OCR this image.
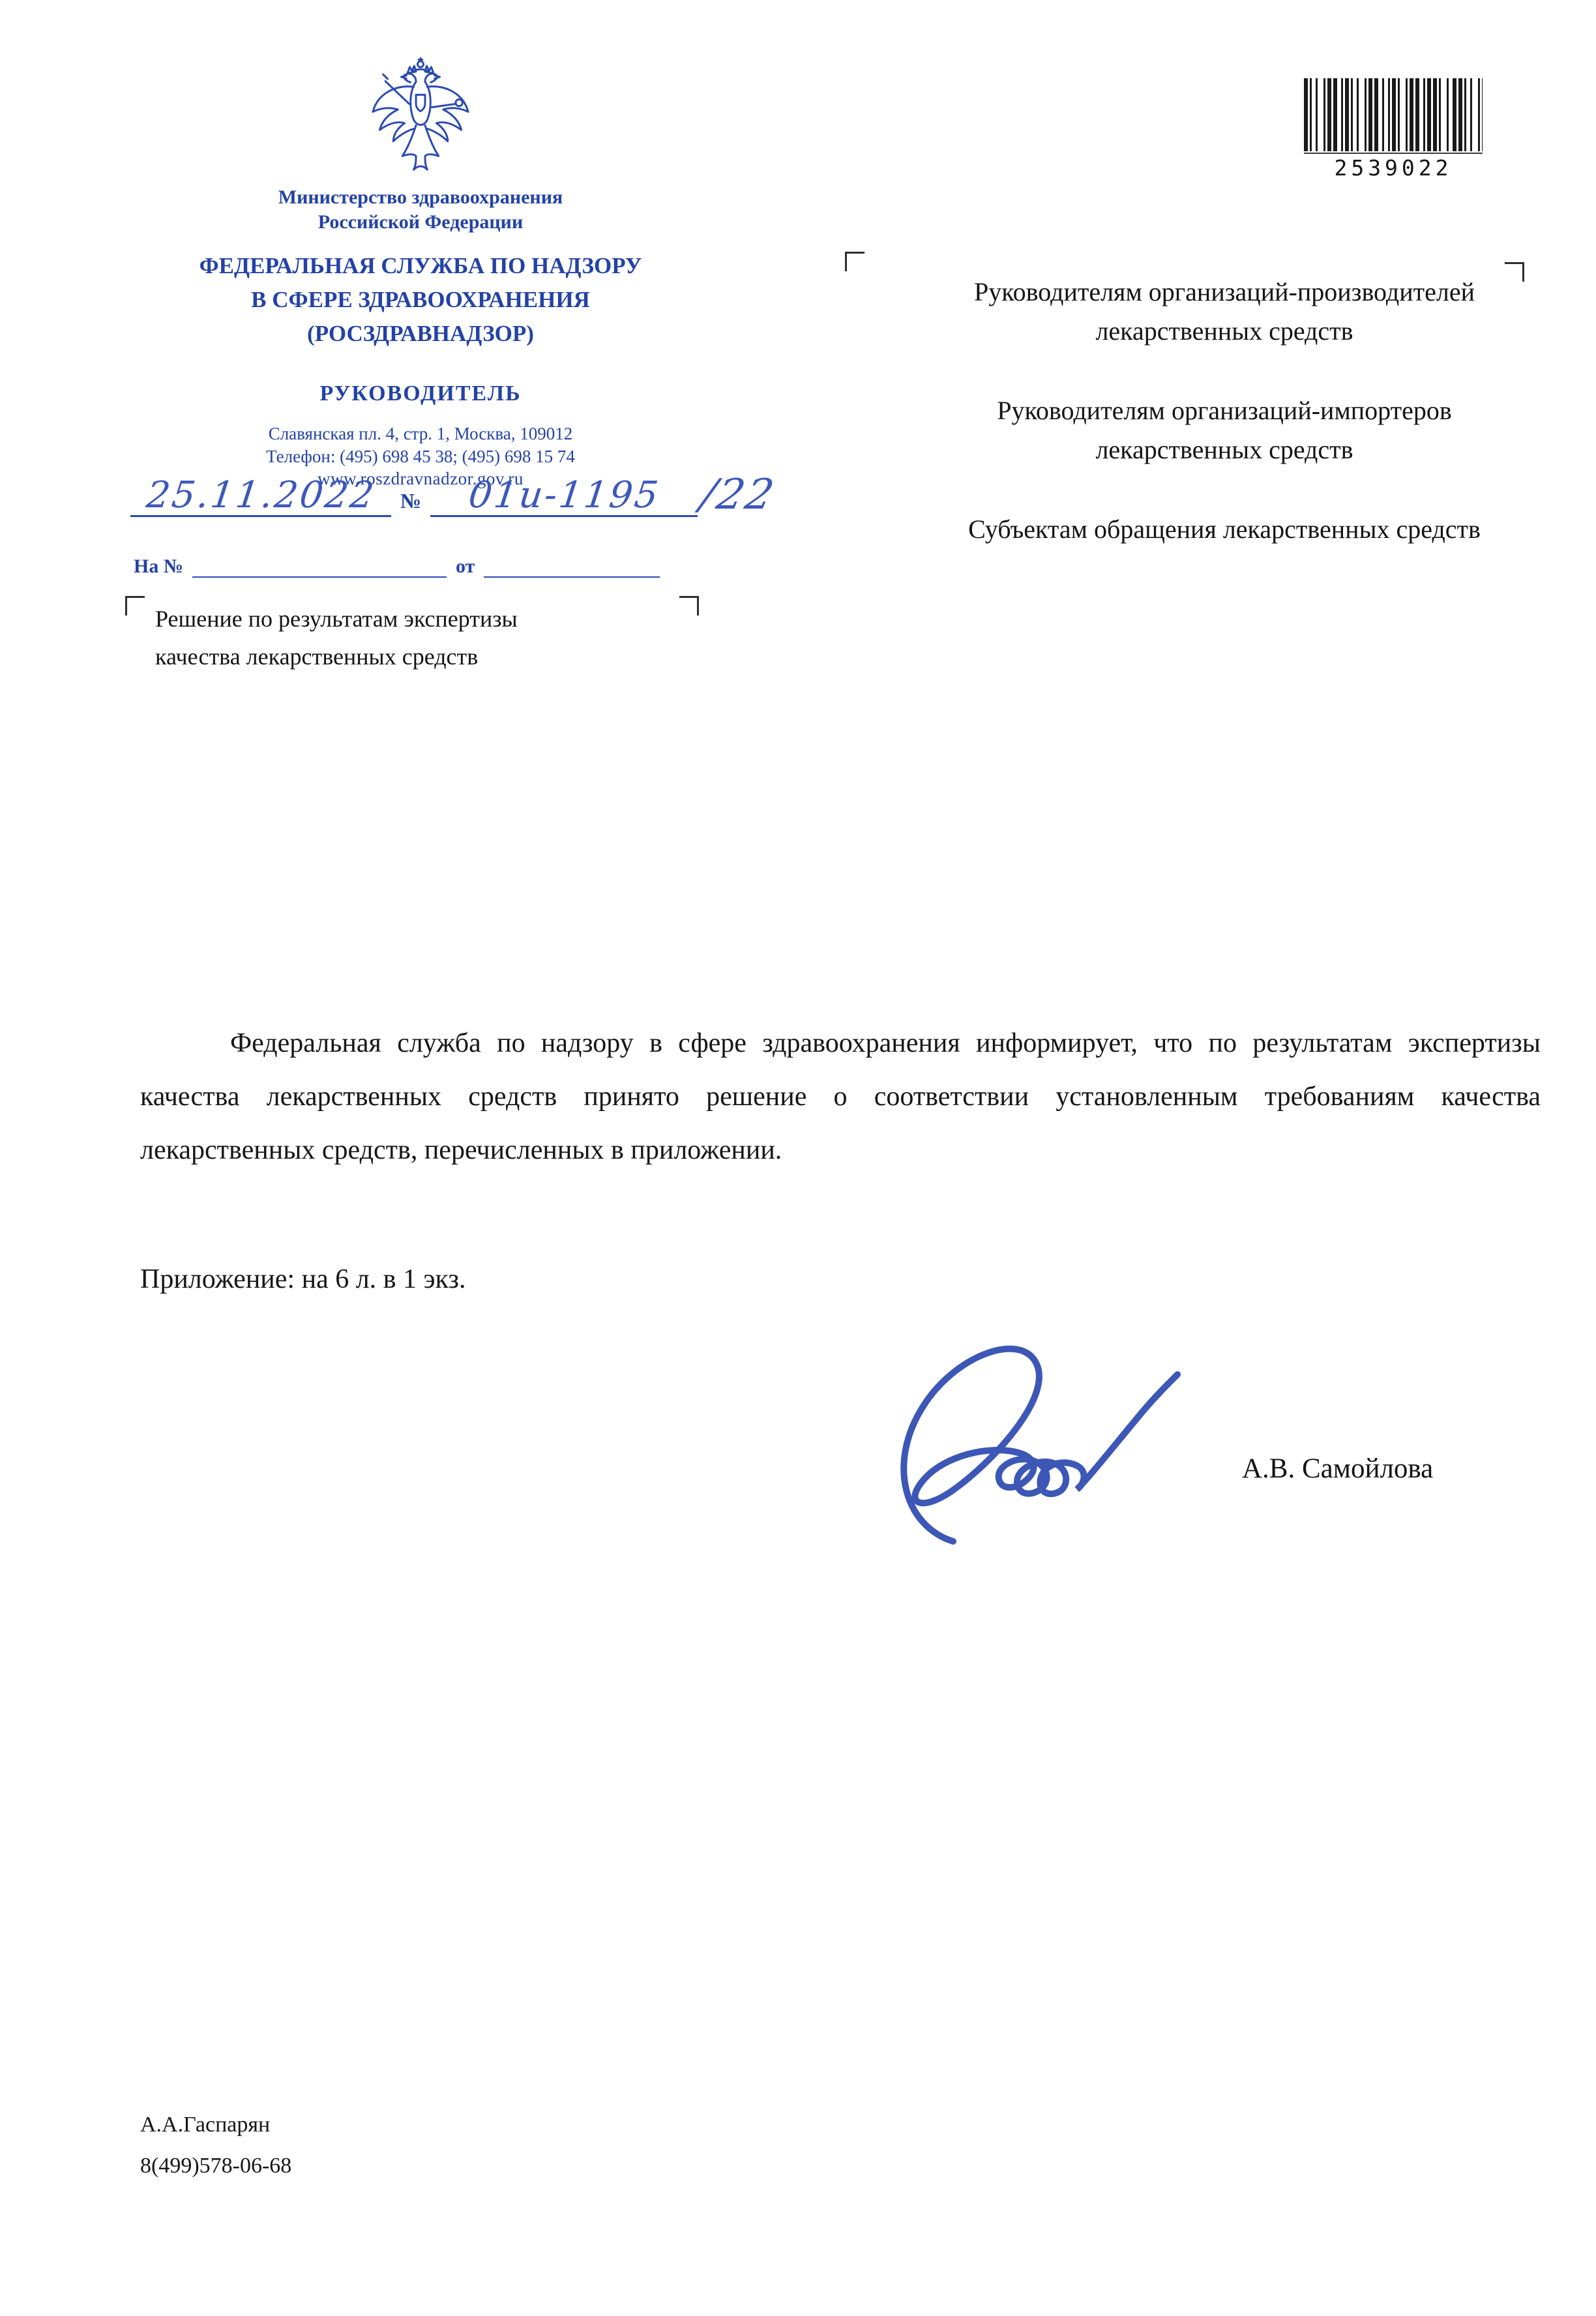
Министерство здравоохранения
Российской Федерации
ФЕДЕРАЛЬНАЯ СЛУЖБА ПО НАДЗОРУ
В СФЕРЕ ЗДРАВООХРАНЕНИЯ
(РОСЗДРАВНАДЗОР)
РУКОВОДИТЕЛЬ
Славянская пл. 4, стр. 1, Москва, 109012
Телефон: (495) 698 45 38; (495) 698 15 74
www.roszdravnadzor.gov.ru
25.11.2022	№	01и-1195 /22
На №	от
Решение по результатам экспертизы
качества лекарственных средств
2539022

Руководителям организаций-производителей лекарственных средств

Руководителям организаций-импортеров лекарственных средств

Субъектам обращения лекарственных средств

Федеральная служба по надзору в сфере здравоохранения информирует, что по результатам экспертизы качества лекарственных средств принято решение о соответствии установленным требованиям качества лекарственных средств, перечисленных в приложении.

Приложение: на 6 л. в 1 экз.

А.В. Самойлова
А.А.Гаспарян
8(499)578-06-68
